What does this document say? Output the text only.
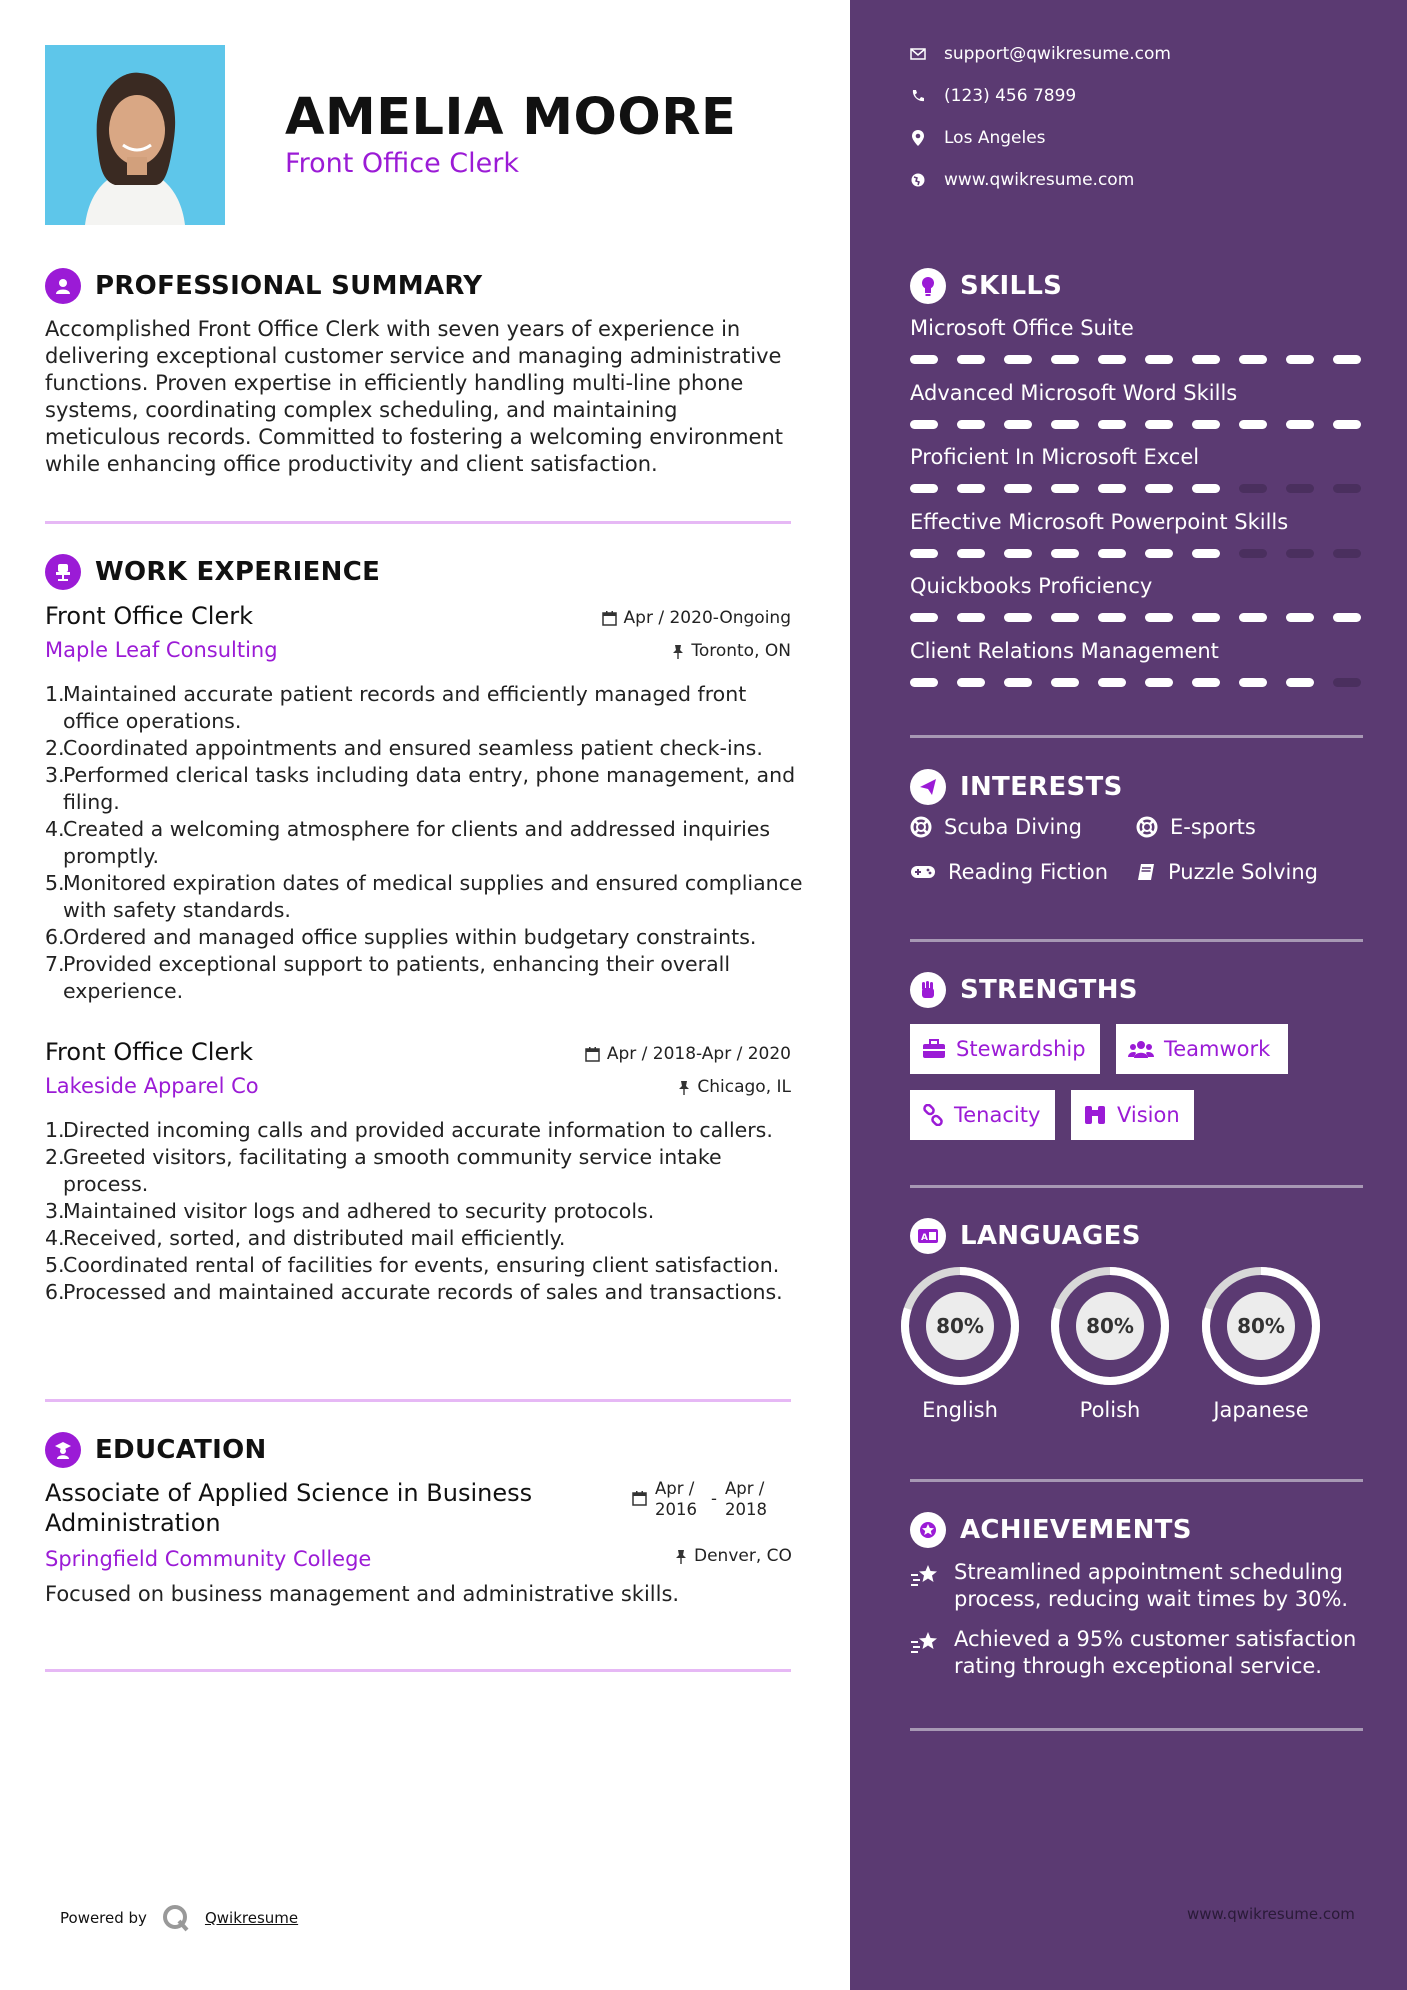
AMELIA MOORE
Front Office Clerk
PROFESSIONAL SUMMARY
Accomplished Front Office Clerk with seven years of experience in delivering exceptional customer service and managing administrative functions. Proven expertise in efficiently handling multi-line phone systems, coordinating complex scheduling, and maintaining meticulous records. Committed to fostering a welcoming environment while enhancing office productivity and client satisfaction.
WORK EXPERIENCE
Front Office Clerk	Apr / 2020-Ongoing
Maple Leaf Consulting	Toronto, ON
1.
Maintained accurate patient records and efficiently managed front office operations.
2.
Coordinated appointments and ensured seamless patient check-ins.
3.
Performed clerical tasks including data entry, phone management, and filing.
4.
Created a welcoming atmosphere for clients and addressed inquiries promptly.
5.
Monitored expiration dates of medical supplies and ensured compliance with safety standards.
6.
Ordered and managed office supplies within budgetary constraints.
7.
Provided exceptional support to patients, enhancing their overall experience.
Front Office Clerk	Apr / 2018-Apr / 2020
Lakeside Apparel Co	Chicago, IL
1.
Directed incoming calls and provided accurate information to callers.
2.
Greeted visitors, facilitating a smooth community service intake process.
3.
Maintained visitor logs and adhered to security protocols.
4.
Received, sorted, and distributed mail efficiently.
5.
Coordinated rental of facilities for events, ensuring client satisfaction.
6.
Processed and maintained accurate records of sales and transactions.
EDUCATION
Associate of Applied Science in Business Administration
Apr / 2016
-
Apr / 2018
Springfield Community College	Denver, CO
Focused on business management and administrative skills.
Powered by	Qwikresume
support@qwikresume.com
(123) 456 7899
Los Angeles
www.qwikresume.com
SKILLS
Microsoft Office Suite
Advanced Microsoft Word Skills
Proficient In Microsoft Excel
Effective Microsoft Powerpoint Skills
Quickbooks Proficiency
Client Relations Management
INTERESTS
Scuba Diving	E-sports
Reading Fiction	Puzzle Solving
STRENGTHS
Stewardship	Teamwork
Tenacity	Vision
A LANGUAGES
80%
English
80%
Polish
80%
Japanese
ACHIEVEMENTS
Streamlined appointment scheduling process, reducing wait times by 30%.
Achieved a 95% customer satisfaction rating through exceptional service.
www.qwikresume.com
